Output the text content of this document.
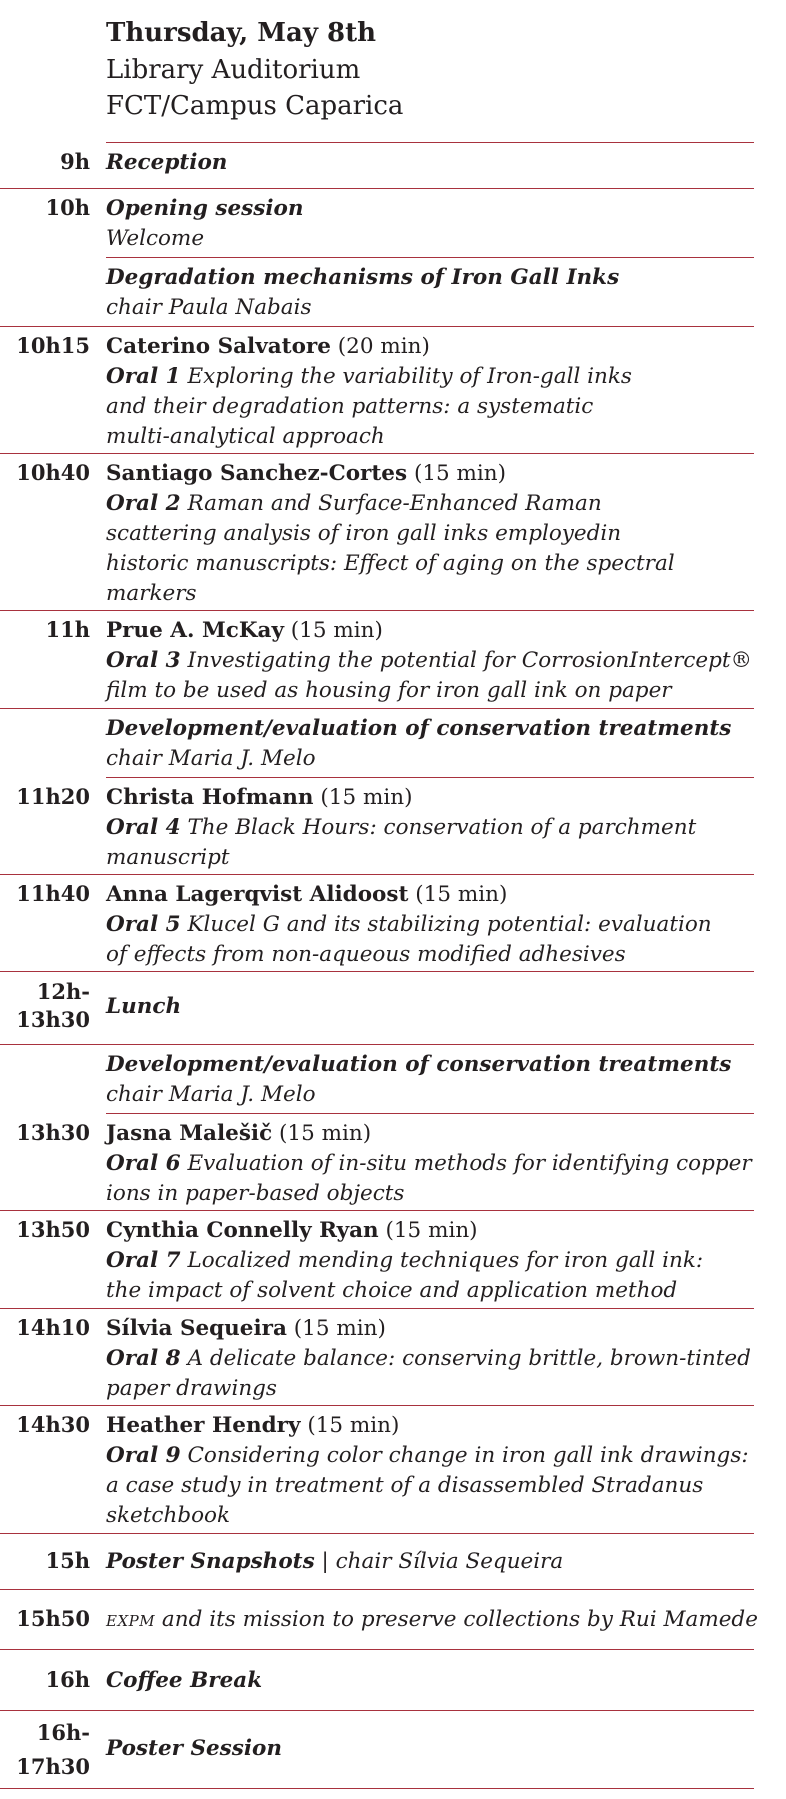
Thursday, May 8th
Library Auditorium
FCT/Campus Caparica
9h Reception
10h Opening session
Welcome
Degradation mechanisms of Iron Gall Inks
chair Paula Nabais
10h15 Caterino Salvatore (20 min)
Oral 1 Exploring the variability of Iron-gall inks
and their degradation patterns: a systematic
multi-analytical approach
10h40 Santiago Sanchez-Cortes (15 min)
Oral 2 Raman and Surface-Enhanced Raman
scattering analysis of iron gall inks employedin
historic manuscripts: Effect of aging on the spectral
markers
11h Prue A. McKay (15 min)
Oral 3 Investigating the potential for CorrosionIntercept®
film to be used as housing for iron gall ink on paper
Development/evaluation of conservation treatments
chair Maria J. Melo
11h20 Christa Hofmann (15 min)
Oral 4 The Black Hours: conservation of a parchment
manuscript
11h40 Anna Lagerqvist Alidoost (15 min)
Oral 5 Klucel G and its stabilizing potential: evaluation
of effects from non-aqueous modified adhesives
12h-
13h30
Lunch
Development/evaluation of conservation treatments
chair Maria J. Melo
13h30 Jasna Malešič (15 min)
Oral 6 Evaluation of in-situ methods for identifying copper
ions in paper-based objects
13h50 Cynthia Connelly Ryan (15 min)
Oral 7 Localized mending techniques for iron gall ink:
the impact of solvent choice and application method
14h10 Sílvia Sequeira (15 min)
Oral 8 A delicate balance: conserving brittle, brown-tinted
paper drawings
14h30 Heather Hendry (15 min)
Oral 9 Considering color change in iron gall ink drawings:
a case study in treatment of a disassembled Stradanus
sketchbook
15h Poster Snapshots | chair Sílvia Sequeira
15h50 EXPM and its mission to preserve collections by Rui Mamede
16h Coffee Break
16h-
17h30
Poster Session
